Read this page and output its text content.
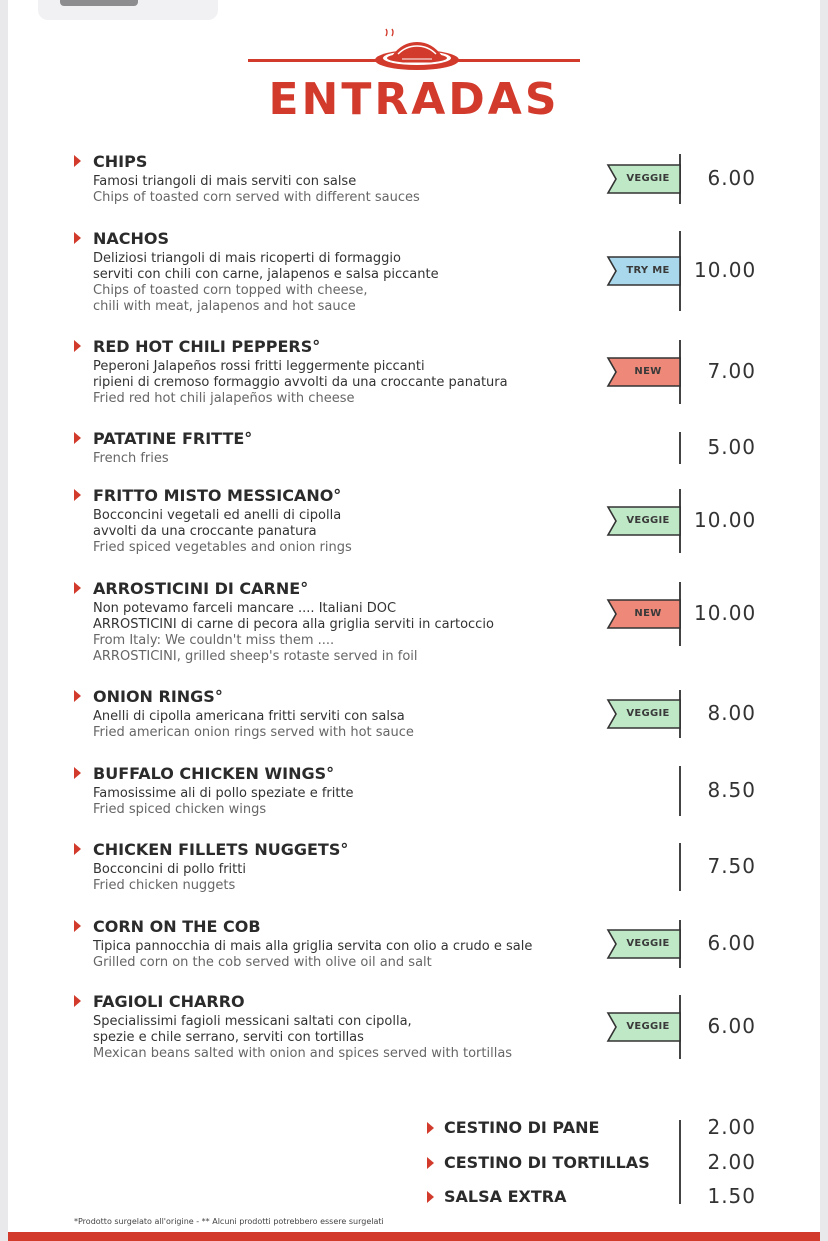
ENTRADAS
CHIPS
Famosi triangoli di mais serviti con salse
Chips of toasted corn served with different sauces
VEGGIE	6.00
NACHOS
Deliziosi triangoli di mais ricoperti di formaggio
serviti con chili con carne, jalapenos e salsa piccante
Chips of toasted corn topped with cheese,
chili with meat, jalapenos and hot sauce
TRY ME	10.00
RED HOT CHILI PEPPERS°
Peperoni Jalapeños rossi fritti leggermente piccanti
ripieni di cremoso formaggio avvolti da una croccante panatura
Fried red hot chili jalapeños with cheese
NEW	7.00
PATATINE FRITTE°
French fries	5.00
FRITTO MISTO MESSICANO°
Bocconcini vegetali ed anelli di cipolla
avvolti da una croccante panatura
Fried spiced vegetables and onion rings
VEGGIE	10.00
ARROSTICINI DI CARNE°
Non potevamo farceli mancare .... Italiani DOC
ARROSTICINI di carne di pecora alla griglia serviti in cartoccio
From Italy: We couldn't miss them ....
ARROSTICINI, grilled sheep's rotaste served in foil
NEW	10.00
ONION RINGS°
Anelli di cipolla americana fritti serviti con salsa
Fried american onion rings served with hot sauce
VEGGIE	8.00
BUFFALO CHICKEN WINGS°
Famosissime ali di pollo speziate e fritte
Fried spiced chicken wings
8.50
CHICKEN FILLETS NUGGETS°
Bocconcini di pollo fritti
Fried chicken nuggets
7.50
CORN ON THE COB
Tipica pannocchia di mais alla griglia servita con olio a crudo e sale
Grilled corn on the cob served with olive oil and salt
VEGGIE	6.00
FAGIOLI CHARRO
Specialissimi fagioli messicani saltati con cipolla,
spezie e chile serrano, serviti con tortillas
Mexican beans salted with onion and spices served with tortillas
VEGGIE	6.00
CESTINO DI PANE	2.00
CESTINO DI TORTILLAS	2.00
SALSA EXTRA	1.50
*Prodotto surgelato all'origine - ** Alcuni prodotti potrebbero essere surgelati
